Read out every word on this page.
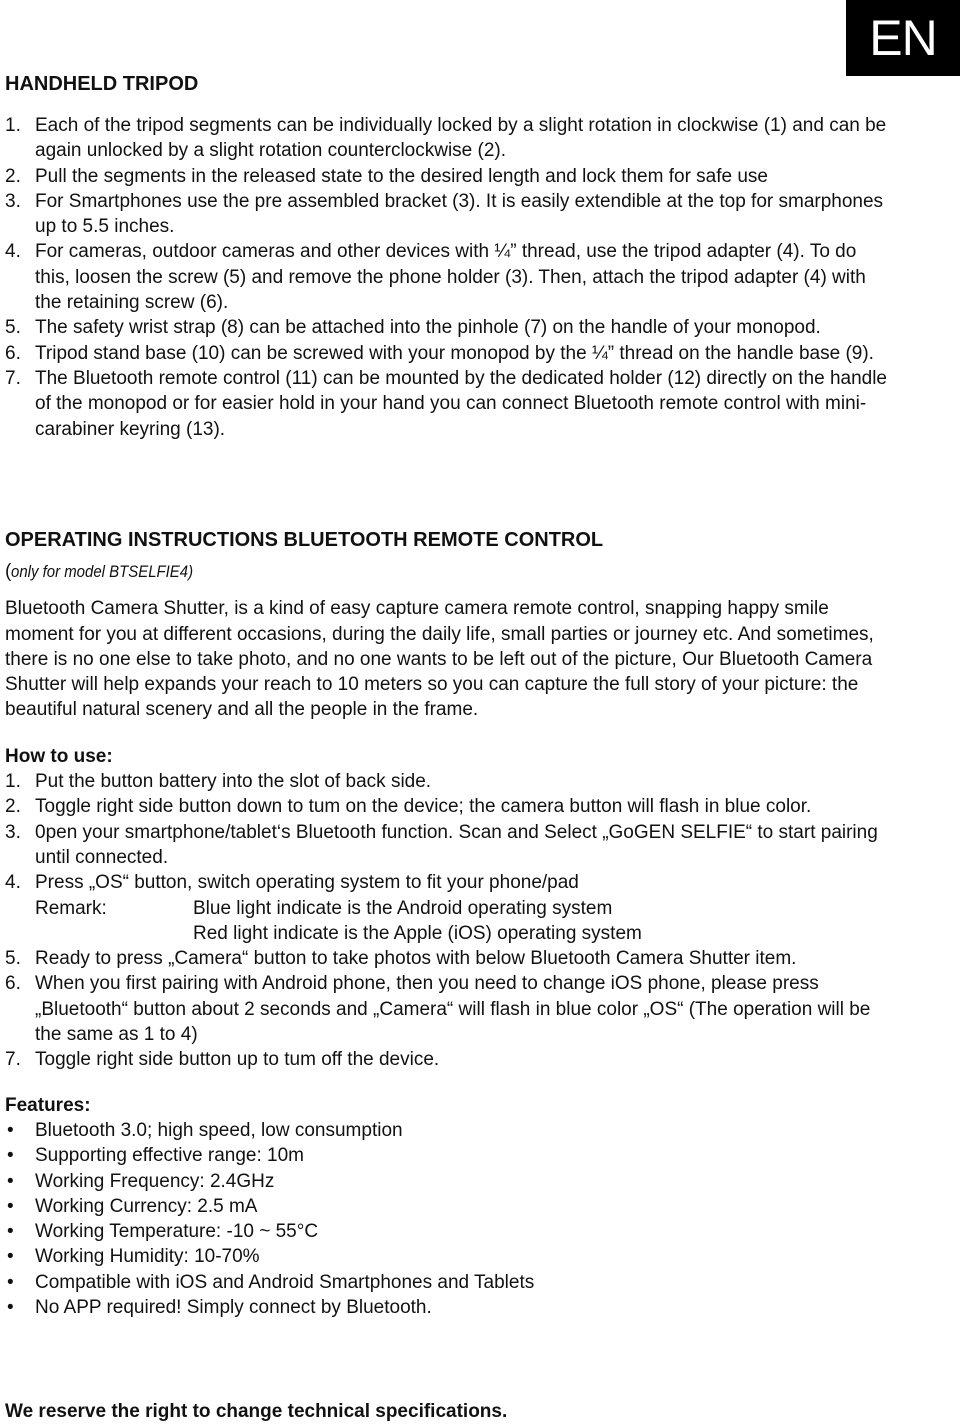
EN
HANDHELD TRIPOD
1. Each of the tripod segments can be individually locked by a slight rotation in clockwise (1) and can be again unlocked by a slight rotation counterclockwise (2).
2. Pull the segments in the released state to the desired length and lock them for safe use
3. For Smartphones use the pre assembled bracket (3). It is easily extendible at the top for smarphones up to 5.5 inches.
4. For cameras, outdoor cameras and other devices with ¼” thread, use the tripod adapter (4). To do this, loosen the screw (5) and remove the phone holder (3). Then, attach the tripod adapter (4) with the retaining screw (6).
5. The safety wrist strap (8) can be attached into the pinhole (7) on the handle of your monopod.
6. Tripod stand base (10) can be screwed with your monopod by the ¼” thread on the handle base (9).
7. The Bluetooth remote control (11) can be mounted by the dedicated holder (12) directly on the handle of the monopod or for easier hold in your hand you can connect Bluetooth remote control with mini-carabiner keyring (13).
OPERATING INSTRUCTIONS BLUETOOTH REMOTE CONTROL
(only for model BTSELFIE4)

Bluetooth Camera Shutter, is a kind of easy capture camera remote control, snapping happy smile moment for you at different occasions, during the daily life, small parties or journey etc. And sometimes, there is no one else to take photo, and no one wants to be left out of the picture, Our Bluetooth Camera Shutter will help expands your reach to 10 meters so you can capture the full story of your picture: the beautiful natural scenery and all the people in the frame.

How to use:

1. Put the button battery into the slot of back side.
2. Toggle right side button down to tum on the device; the camera button will flash in blue color.
3. 0pen your smartphone/tablet‘s Bluetooth function. Scan and Select „GoGEN SELFIE“ to start pairing until connected.
4. Press „OS“ button, switch operating system to fit your phone/pad
Remark:	Blue light indicate is the Android operating system
Red light indicate is the Apple (iOS) operating system
5. Ready to press „Camera“ button to take photos with below Bluetooth Camera Shutter item.
6. When you first pairing with Android phone, then you need to change iOS phone, please press „Bluetooth“ button about 2 seconds and „Camera“ will flash in blue color „OS“ (The operation will be the same as 1 to 4)
7. Toggle right side button up to tum off the device.

Features:

• Bluetooth 3.0; high speed, low consumption
• Supporting effective range: 10m
• Working Frequency: 2.4GHz
• Working Currency: 2.5 mA
• Working Temperature: -10 ~ 55°C
• Working Humidity: 10-70%
• Compatible with iOS and Android Smartphones and Tablets
• No APP required! Simply connect by Bluetooth.
We reserve the right to change technical specifications.
